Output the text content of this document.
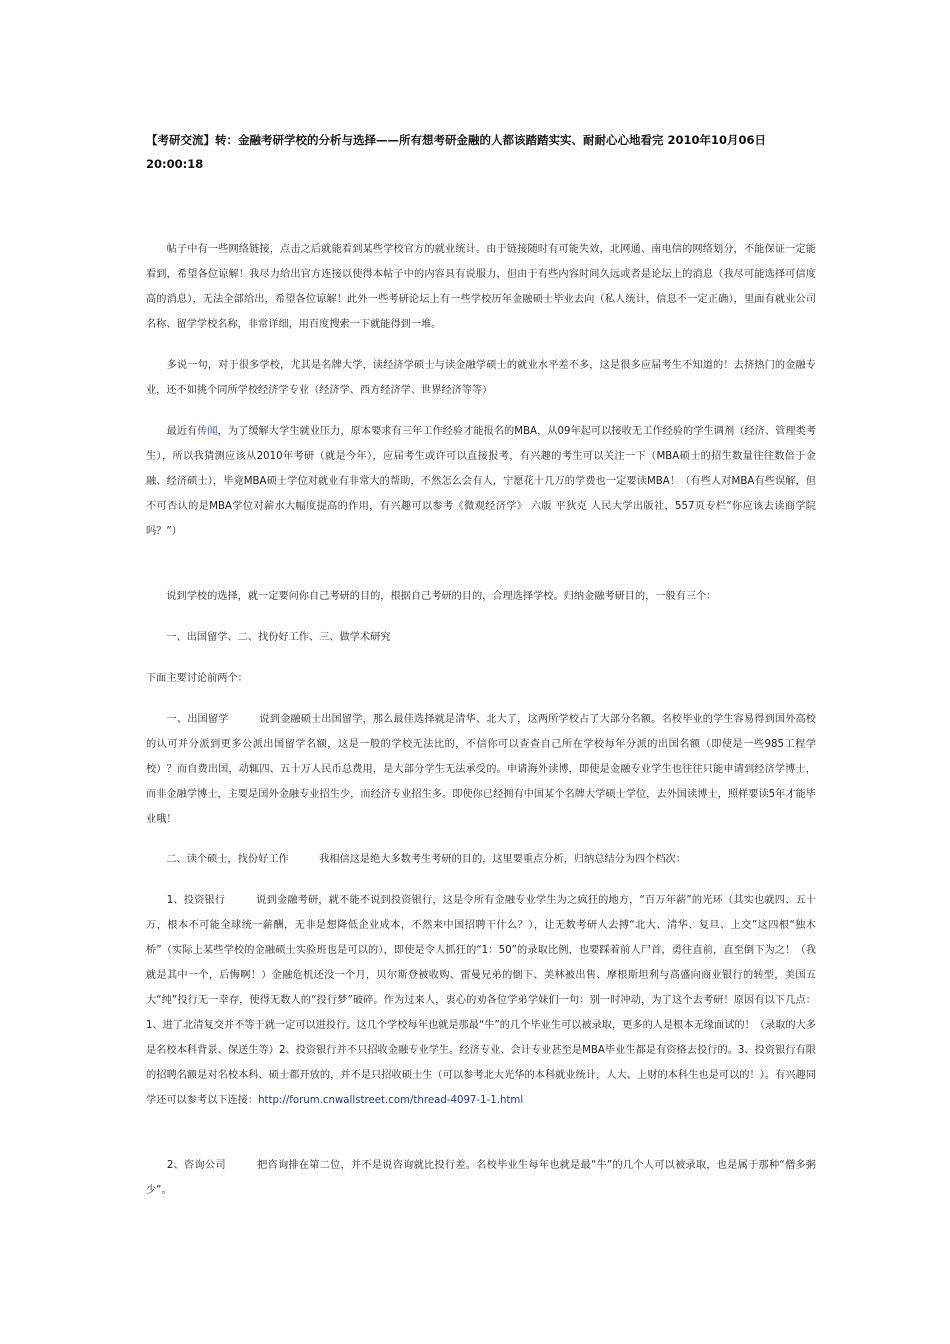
【考研交流】转：金融考研学校的分析与选择——所有想考研金融的人都该踏踏实实、耐耐心心地看完 2010年10月06日 20:00:18
　　帖子中有一些网络链接，点击之后就能看到某些学校官方的就业统计。由于链接随时有可能失效，北网通、南电信的网络划分，不能保证一定能看到，希望各位谅解！我尽力给出官方连接以使得本帖子中的内容具有说服力，但由于有些内容时间久远或者是论坛上的消息（我尽可能选择可信度高的消息），无法全部给出，希望各位谅解！此外一些考研论坛上有一些学校历年金融硕士毕业去向（私人统计，信息不一定正确），里面有就业公司名称、留学学校名称，非常详细，用百度搜索一下就能得到一堆。
　　多说一句，对于很多学校，尤其是名牌大学，读经济学硕士与读金融学硕士的就业水平差不多，这是很多应届考生不知道的！去挤热门的金融专业，还不如挑个同所学校经济学专业（经济学、西方经济学、世界经济等等）
　　最近有传闻，为了缓解大学生就业压力，原本要求有三年工作经验才能报名的MBA，从09年起可以接收无工作经验的学生调剂（经济、管理类考生），所以我猜测应该从2010年考研（就是今年），应届考生或许可以直接报考，有兴趣的考生可以关注一下（MBA硕士的招生数量往往数倍于金融、经济硕士），毕竟MBA硕士学位对就业有非常大的帮助，不然怎么会有人，宁愿花十几万的学费也一定要读MBA！（有些人对MBA有些误解，但不可否认的是MBA学位对薪水大幅度提高的作用，有兴趣可以参考《微观经济学》 六版 平狄克 人民大学出版社，557页专栏“你应该去读商学院吗？”）
　　说到学校的选择，就一定要问你自己考研的目的，根据自己考研的目的，合理选择学校。归纳金融考研目的，一般有三个：
　　一、出国留学、二、找份好工作、三、做学术研究
下面主要讨论前两个：
　　一、出国留学　　　说到金融硕士出国留学，那么最佳选择就是清华、北大了，这两所学校占了大部分名额。名校毕业的学生容易得到国外高校的认可并分派到更多公派出国留学名额，这是一般的学校无法比的，不信你可以查查自己所在学校每年分派的出国名额（即使是一些985工程学校）？而自费出国，动辄四、五十万人民币总费用，是大部分学生无法承受的。申请海外读博，即使是金融专业学生也往往只能申请到经济学博士，而非金融学博士，主要是国外金融专业招生少，而经济专业招生多。即使你已经拥有中国某个名牌大学硕士学位，去外国读博士，照样要读5年才能毕业哦！
　　二、读个硕士，找份好工作　　　我相信这是绝大多数考生考研的目的，这里要重点分析，归纳总结分为四个档次：
　　1、投资银行　　　说到金融考研，就不能不说到投资银行，这是令所有金融专业学生为之疯狂的地方，“百万年薪”的光环（其实也就四、五十万，根本不可能全球统一薪酬，无非是想降低企业成本，不然来中国招聘干什么？），让无数考研人去搏“北大、清华、复旦、上交”这四根“独木桥”（实际上某些学校的金融硕士实验班也是可以的），即使是令人抓狂的“1：50”的录取比例，也要踩着前人尸首，勇往直前，直至倒下为之！（我就是其中一个，后悔啊！）金融危机还没一个月，贝尔斯登被收购、雷曼兄弟的倒下、美林被出售、摩根斯坦利与高盛向商业银行的转型，美国五大“纯”投行无一幸存，使得无数人的“投行梦”破碎。作为过来人，衷心的劝各位学弟学妹们一句：别一时冲动，为了这个去考研！原因有以下几点：1、进了北清复交并不等于就一定可以进投行。这几个学校每年也就是那最“牛”的几个毕业生可以被录取，更多的人是根本无缘面试的！（录取的大多是名校本科背景、保送生等）2、投资银行并不只招收金融专业学生。经济专业、会计专业甚至是MBA毕业生都是有资格去投行的。3、投资银行有限的招聘名额是对名校本科、硕士都开放的，并不是只招收硕士生（可以参考北大光华的本科就业统计，人大、上财的本科生也是可以的！）。有兴趣同学还可以参考以下连接：http://forum.cnwallstreet.com/thread-4097-1-1.html
　　2、咨询公司　　　把咨询排在第二位，并不是说咨询就比投行差。名校毕业生每年也就是最“牛”的几个人可以被录取，也是属于那种“僧多粥少”。
